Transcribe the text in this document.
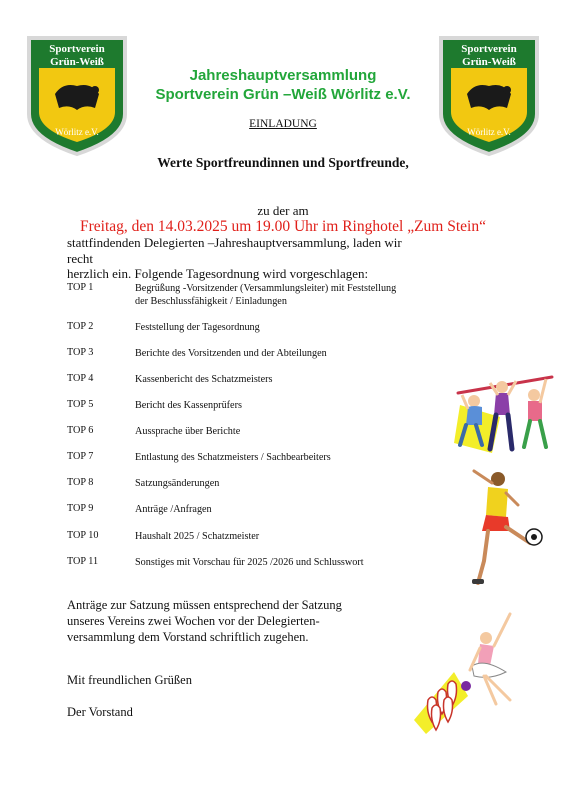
Sportverein
Grün-Weiß
Wörlitz e.V.
Sportverein
Grün-Weiß
Wörlitz e.V.
Jahreshauptversammlung
Sportverein Grün –Weiß Wörlitz e.V.
EINLADUNG
Werte Sportfreundinnen und Sportfreunde,
zu der am
Freitag, den 14.03.2025 um 19.00 Uhr im Ringhotel „Zum Stein“
stattfindenden Delegierten –Jahreshauptversammlung, laden wir recht
herzlich ein. Folgende Tagesordnung wird vorgeschlagen:
TOP 1	Begrüßung -Vorsitzender (Versammlungsleiter) mit Feststellung
der Beschlussfähigkeit / Einladungen
TOP 2	Feststellung der Tagesordnung
TOP 3	Berichte des Vorsitzenden und der Abteilungen
TOP 4	Kassenbericht des Schatzmeisters
TOP 5	Bericht des Kassenprüfers
TOP 6	Aussprache über Berichte
TOP 7	Entlastung des Schatzmeisters / Sachbearbeiters
TOP 8	Satzungsänderungen
TOP 9	Anträge /Anfragen
TOP 10	Haushalt 2025 / Schatzmeister
TOP 11	Sonstiges mit Vorschau für 2025 /2026 und Schlusswort
Anträge zur Satzung müssen entsprechend der Satzung
unseres Vereins zwei Wochen vor der Delegierten-
versammlung dem Vorstand schriftlich zugehen.
Mit freundlichen Grüßen
Der Vorstand
